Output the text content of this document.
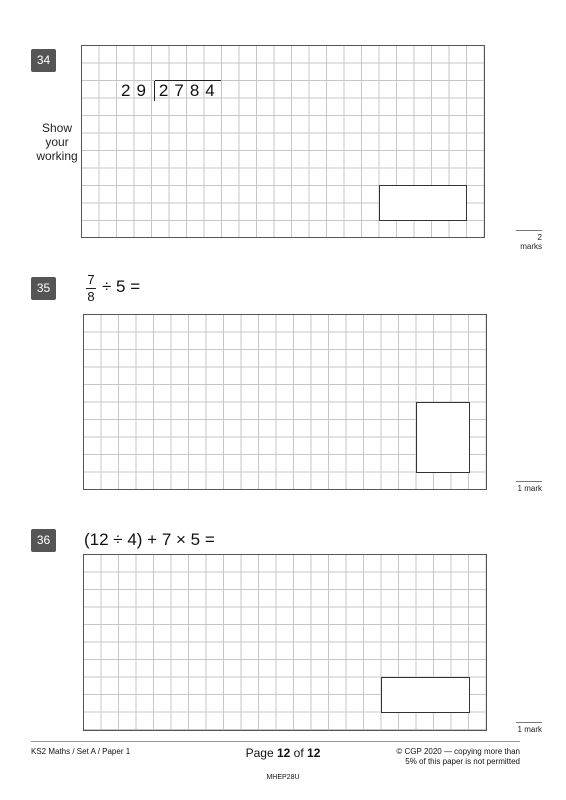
34
Show your working
29 2784
2 marks
35	$\frac{7}{8} \div 5$ =
1 mark
36	(12 ÷ 4) + 7 × 5 =
1 mark
KS2 Maths / Set A / Paper 1	Page 12 of 12	© CGP 2020 — copying more than
5% of this paper is not permitted
MHEP28U
